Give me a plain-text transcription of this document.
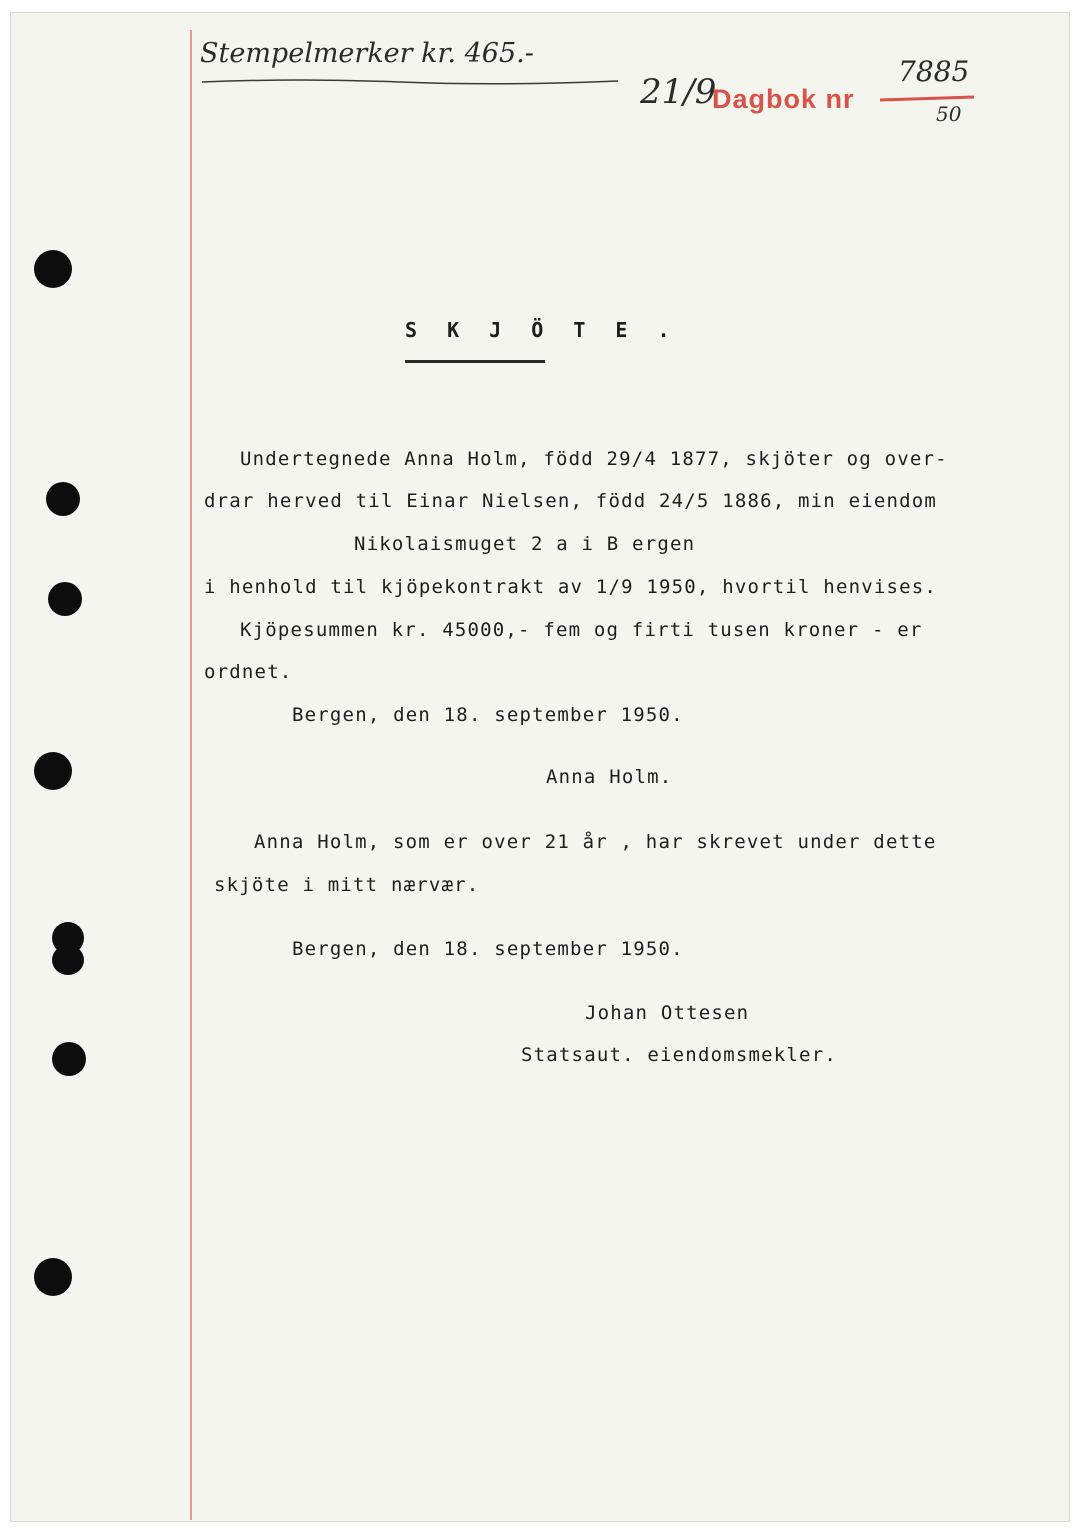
Stempelmerker kr. 465.-
21/9
Dagbok nr
7885
50
S K J Ö T E .
Undertegnede Anna Holm, född 29/4 1877, skjöter og over-
drar herved til Einar Nielsen, född 24/5 1886, min eiendom
Nikolaismuget 2 a i B ergen
i henhold til kjöpekontrakt av 1/9 1950, hvortil henvises.
Kjöpesummen kr. 45000,- fem og firti tusen kroner - er
ordnet.
Bergen, den 18. september 1950.
Anna Holm.
Anna Holm, som er over 21 år , har skrevet under dette
skjöte i mitt nærvær.
Bergen, den 18. september 1950.
Johan Ottesen
Statsaut. eiendomsmekler.
